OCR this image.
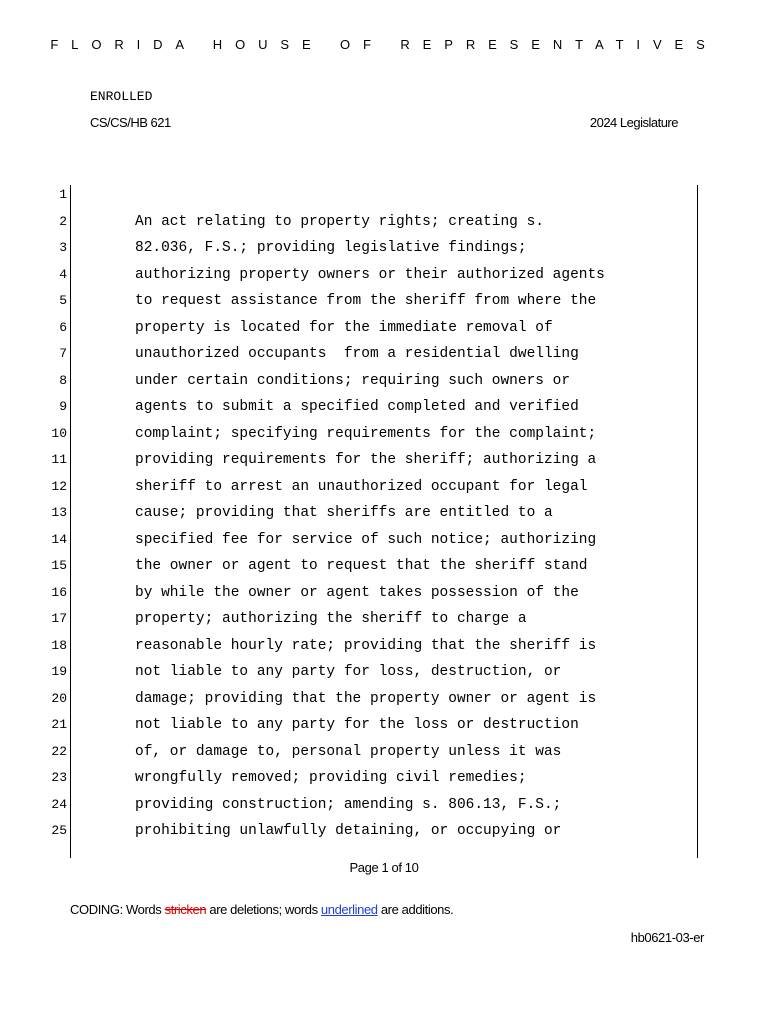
FLORIDA HOUSE OF REPRESENTATIVES
ENROLLED
CS/CS/HB 621	2024 Legislature
1
2	An act relating to property rights; creating s.
3	82.036, F.S.; providing legislative findings;
4	authorizing property owners or their authorized agents
5	to request assistance from the sheriff from where the
6	property is located for the immediate removal of
7	unauthorized occupants  from a residential dwelling
8	under certain conditions; requiring such owners or
9	agents to submit a specified completed and verified
10	complaint; specifying requirements for the complaint;
11	providing requirements for the sheriff; authorizing a
12	sheriff to arrest an unauthorized occupant for legal
13	cause; providing that sheriffs are entitled to a
14	specified fee for service of such notice; authorizing
15	the owner or agent to request that the sheriff stand
16	by while the owner or agent takes possession of the
17	property; authorizing the sheriff to charge a
18	reasonable hourly rate; providing that the sheriff is
19	not liable to any party for loss, destruction, or
20	damage; providing that the property owner or agent is
21	not liable to any party for the loss or destruction
22	of, or damage to, personal property unless it was
23	wrongfully removed; providing civil remedies;
24	providing construction; amending s. 806.13, F.S.;
25	prohibiting unlawfully detaining, or occupying or
Page 1 of 10
CODING: Words stricken are deletions; words underlined are additions.
hb0621-03-er
